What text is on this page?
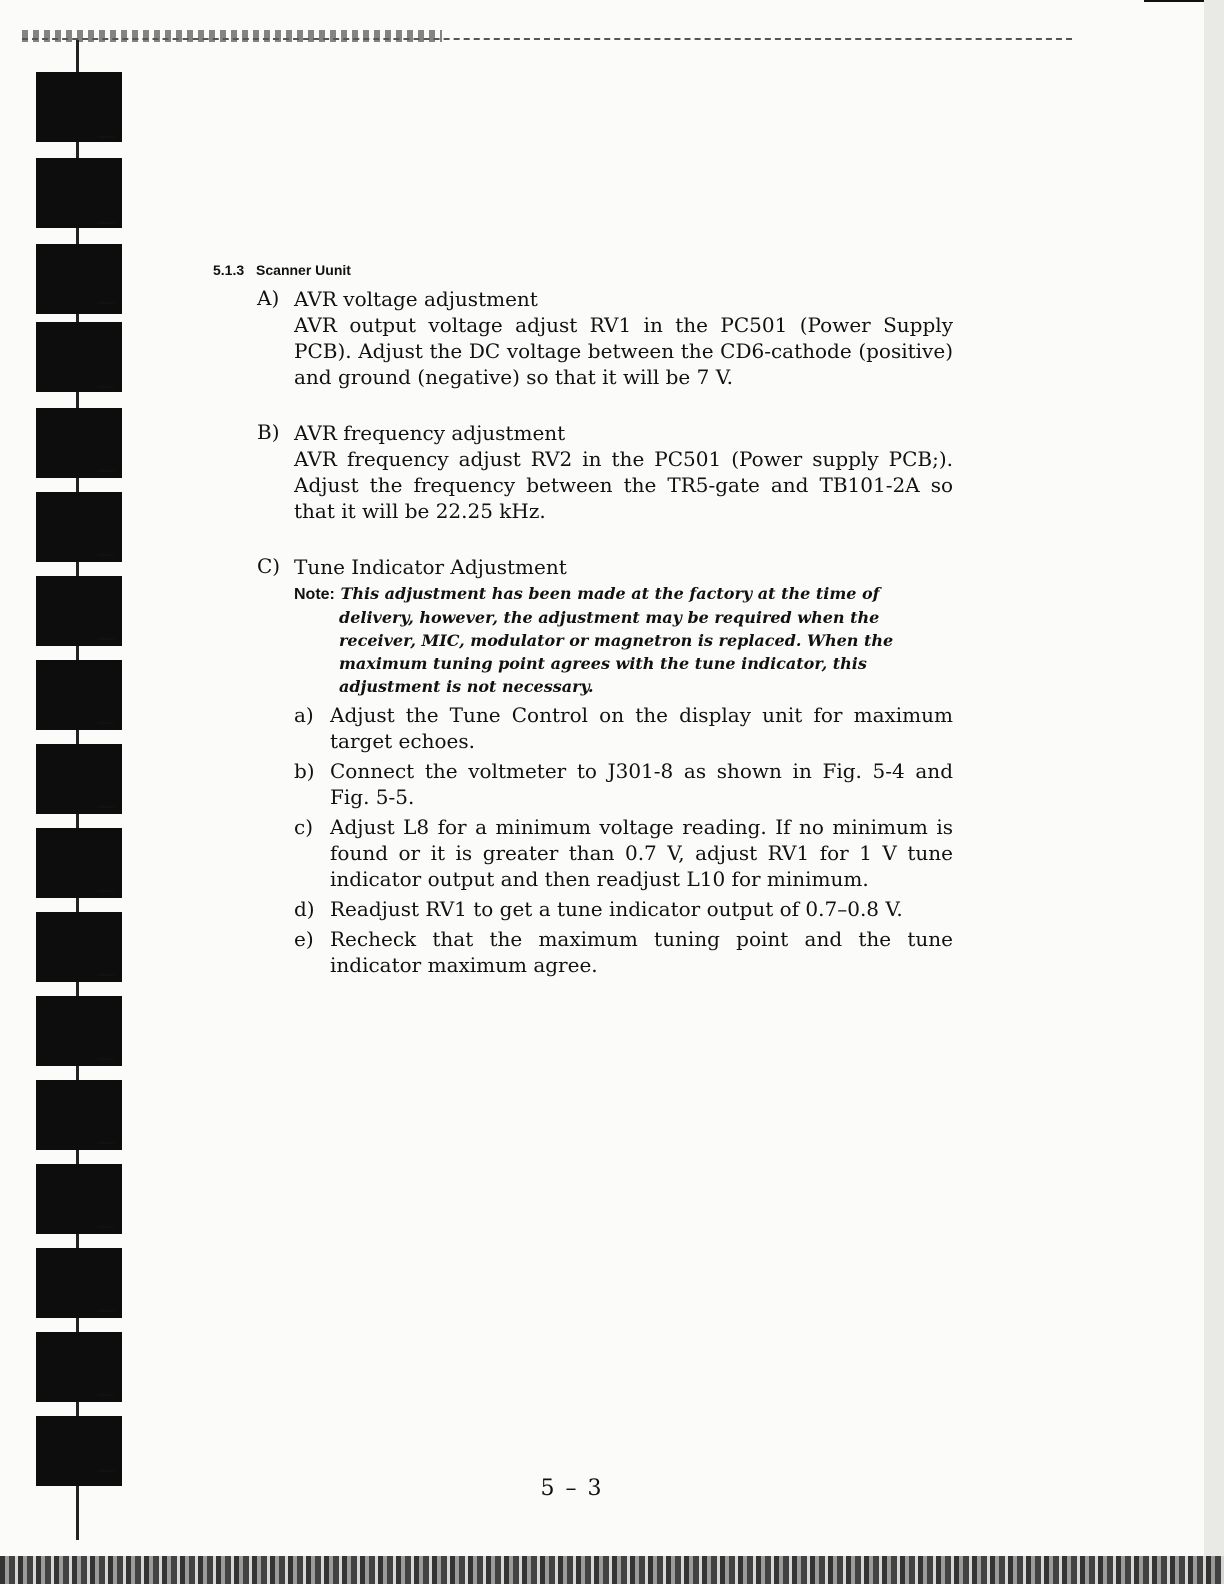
5.1.3 Scanner Uunit
A) AVR voltage adjustment
AVR output voltage adjust RV1 in the PC501 (Power Supply PCB). Adjust the DC voltage between the CD6-cathode (positive) and ground (negative) so that it will be 7 V.
B) AVR frequency adjustment
AVR frequency adjust RV2 in the PC501 (Power supply PCB;). Adjust the frequency between the TR5-gate and TB101-2A so that it will be 22.25 kHz.
C) Tune Indicator Adjustment
Note: This adjustment has been made at the factory at the time of delivery, however, the adjustment may be required when the receiver, MIC, modulator or magnetron is replaced. When the maximum tuning point agrees with the tune indicator, this adjustment is not necessary.
a) Adjust the Tune Control on the display unit for maximum target echoes.
b) Connect the voltmeter to J301-8 as shown in Fig. 5-4 and Fig. 5-5.
c) Adjust L8 for a minimum voltage reading. If no minimum is found or it is greater than 0.7 V, adjust RV1 for 1 V tune indicator output and then readjust L10 for minimum.
d) Readjust RV1 to get a tune indicator output of 0.7–0.8 V.
e) Recheck that the maximum tuning point and the tune indicator maximum agree.
5 – 3
